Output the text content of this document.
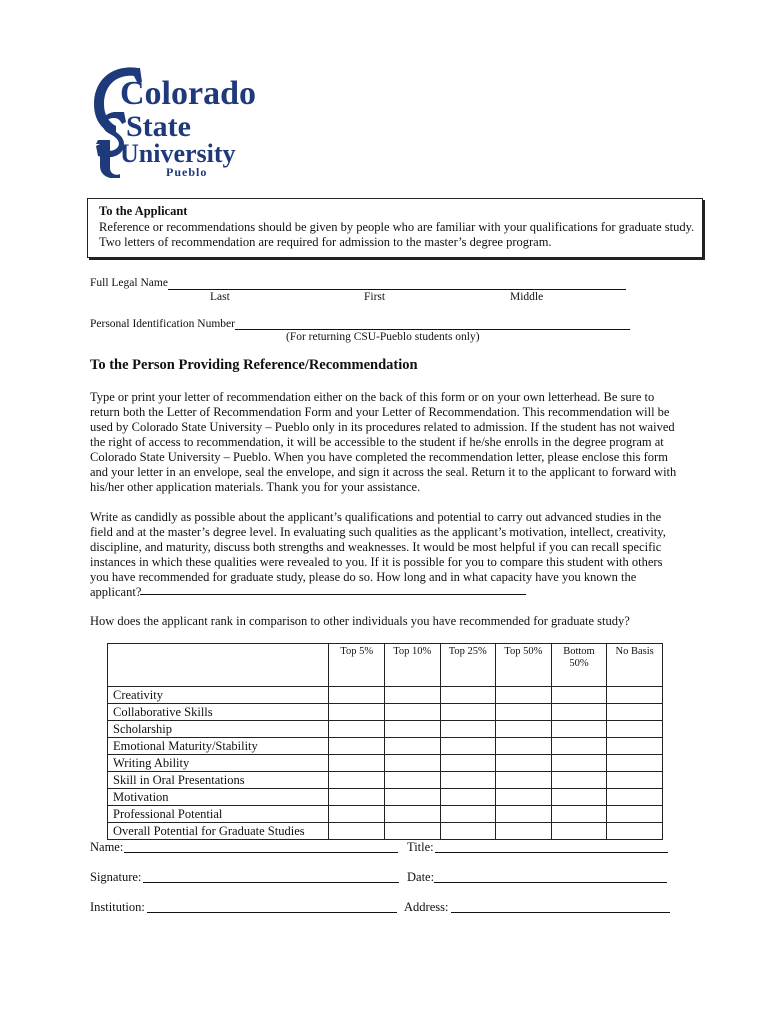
Colorado
State
University
Pueblo
To the Applicant
Reference or recommendations should be given by people who are familiar with your qualifications for graduate study. Two letters of recommendation are required for admission to the master’s degree program.
Full Legal Name
Last	First	Middle
Personal Identification Number
(For returning CSU-Pueblo students only)
To the Person Providing Reference/Recommendation
Type or print your letter of recommendation either on the back of this form or on your own letterhead. Be sure to return both the Letter of Recommendation Form and your Letter of Recommendation. This recommendation will be used by Colorado State University – Pueblo only in its procedures related to admission. If the student has not waived the right of access to recommendation, it will be accessible to the student if he/she enrolls in the degree program at Colorado State University – Pueblo. When you have completed the recommendation letter, please enclose this form and your letter in an envelope, seal the envelope, and sign it across the seal. Return it to the applicant to forward with his/her other application materials. Thank you for your assistance.
Write as candidly as possible about the applicant’s qualifications and potential to carry out advanced studies in the field and at the master’s degree level. In evaluating such qualities as the applicant’s motivation, intellect, creativity, discipline, and maturity, discuss both strengths and weaknesses. It would be most helpful if you can recall specific instances in which these qualities were revealed to you. If it is possible for you to compare this student with others you have recommended for graduate study, please do so. How long and in what capacity have you known the applicant?
How does the applicant rank in comparison to other individuals you have recommended for graduate study?
	Top 5%	Top 10%	Top 25%	Top 50%	Bottom 50%	No Basis
Creativity						
Collaborative Skills						
Scholarship						
Emotional Maturity/Stability						
Writing Ability						
Skill in Oral Presentations						
Motivation						
Professional Potential						
Overall Potential for Graduate Studies						
Name:	Title:
Signature:	Date:
Institution:	Address:
